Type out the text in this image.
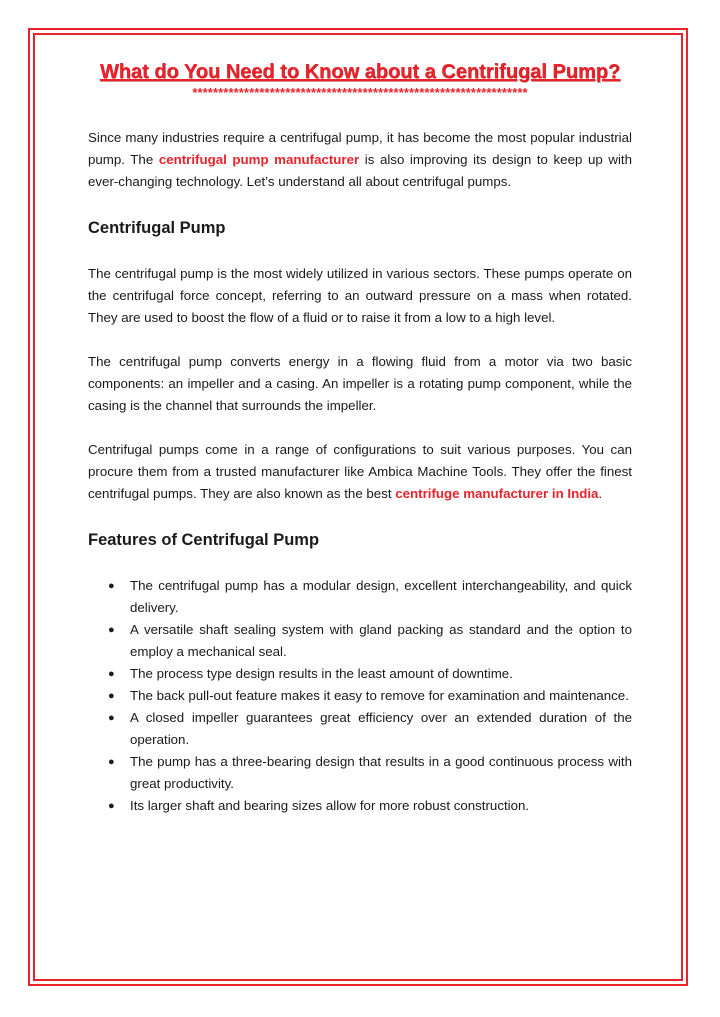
What do You Need to Know about a Centrifugal Pump?
*****************************************************************

Since many industries require a centrifugal pump, it has become the most popular industrial pump. The centrifugal pump manufacturer is also improving its design to keep up with ever-changing technology. Let’s understand all about centrifugal pumps.

Centrifugal Pump

The centrifugal pump is the most widely utilized in various sectors. These pumps operate on the centrifugal force concept, referring to an outward pressure on a mass when rotated. They are used to boost the flow of a fluid or to raise it from a low to a high level.

The centrifugal pump converts energy in a flowing fluid from a motor via two basic components: an impeller and a casing. An impeller is a rotating pump component, while the casing is the channel that surrounds the impeller.

Centrifugal pumps come in a range of configurations to suit various purposes. You can procure them from a trusted manufacturer like Ambica Machine Tools. They offer the finest centrifugal pumps. They are also known as the best centrifuge manufacturer in India.

Features of Centrifugal Pump
● The centrifugal pump has a modular design, excellent interchangeability, and quick delivery.
● A versatile shaft sealing system with gland packing as standard and the option to employ a mechanical seal.
● The process type design results in the least amount of downtime.
● The back pull-out feature makes it easy to remove for examination and maintenance.
● A closed impeller guarantees great efficiency over an extended duration of the operation.
● The pump has a three-bearing design that results in a good continuous process with great productivity.
● Its larger shaft and bearing sizes allow for more robust construction.
